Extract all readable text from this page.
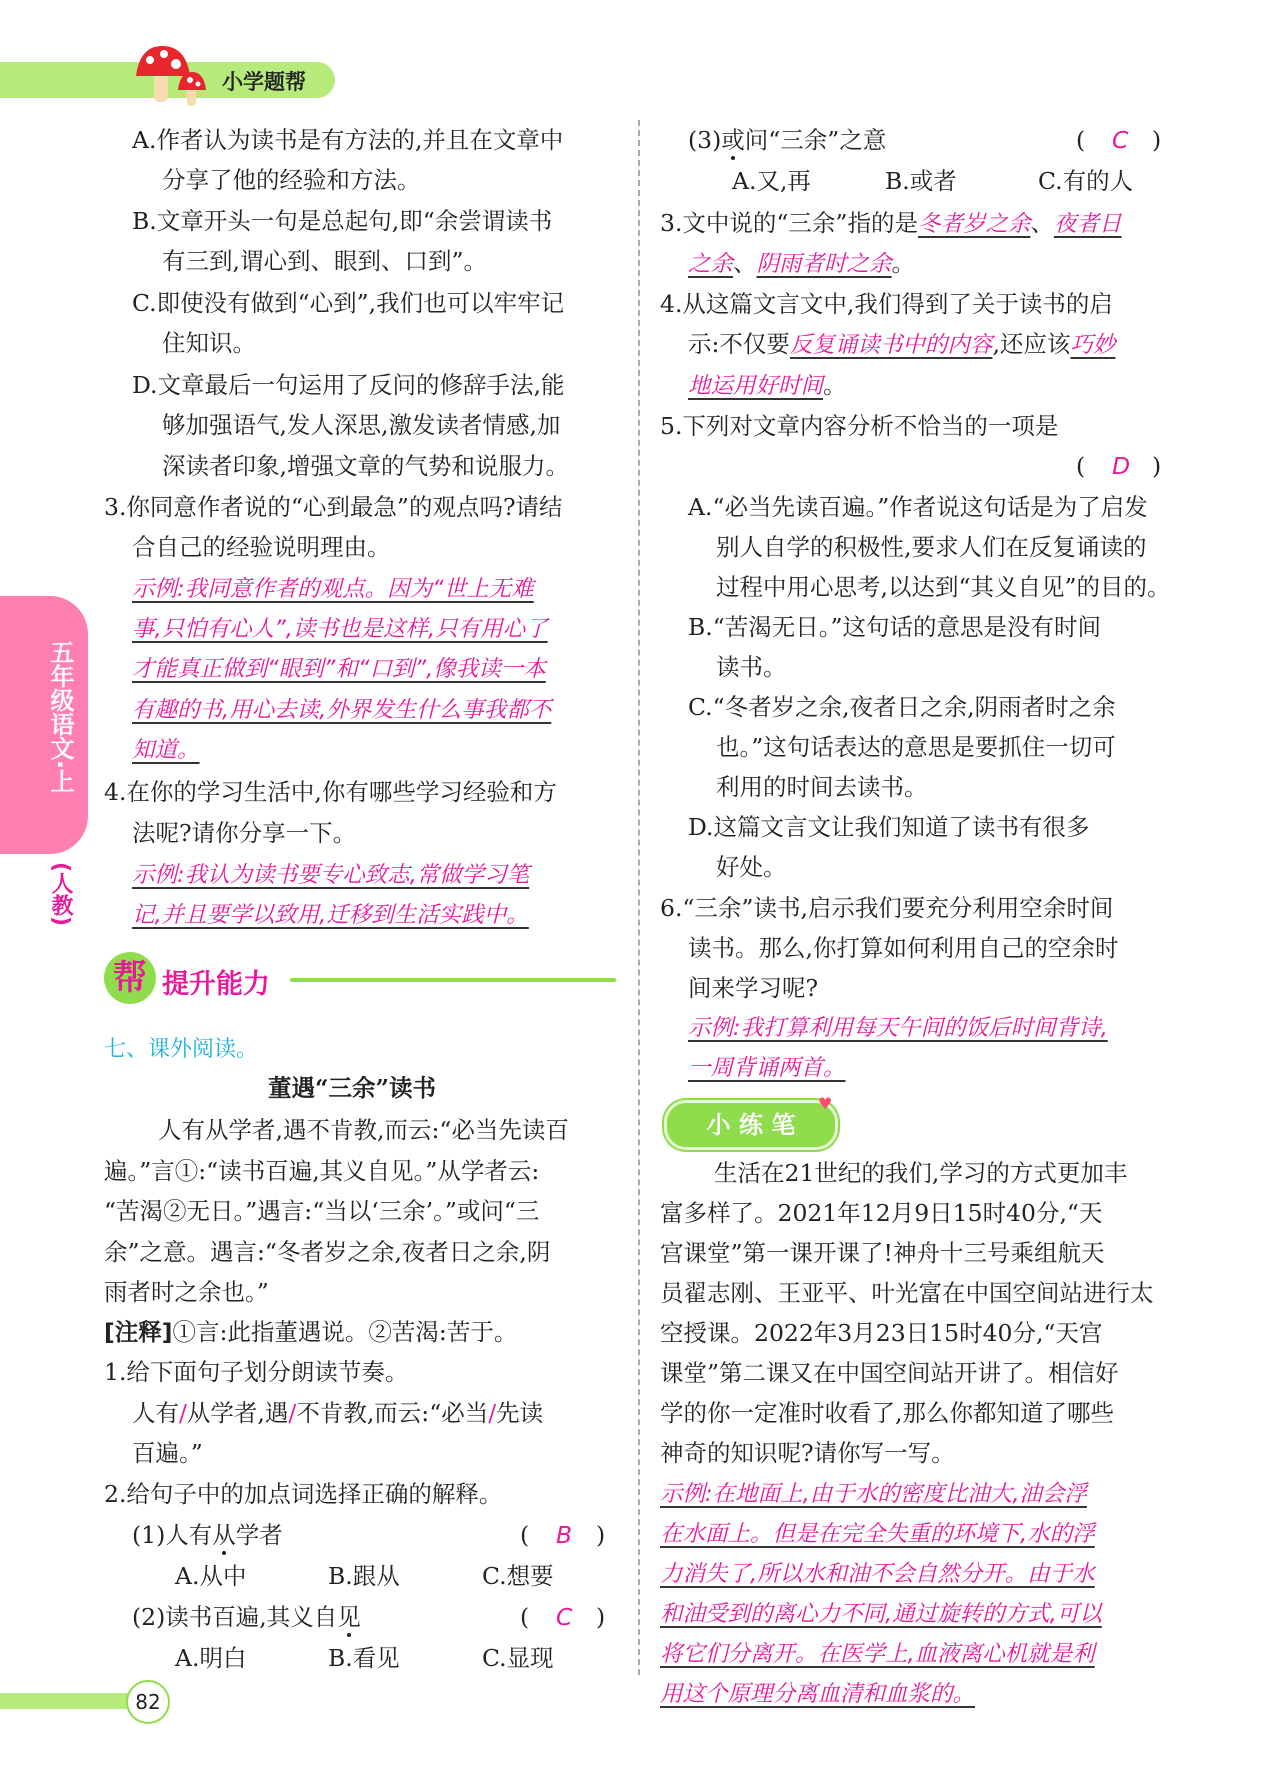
小学题帮
五年级语文·上
(人教)
A.作者认为读书是有方法的,并且在文章中
分享了他的经验和方法。
B.文章开头一句是总起句,即“余尝谓读书
有三到,谓心到、眼到、口到”。
C.即使没有做到“心到”,我们也可以牢牢记
住知识。
D.文章最后一句运用了反问的修辞手法,能
够加强语气,发人深思,激发读者情感,加
深读者印象,增强文章的气势和说服力。
3.你同意作者说的“心到最急”的观点吗?请结
合自己的经验说明理由。
示例:我同意作者的观点。因为“世上无难
事,只怕有心人”,读书也是这样,只有用心了
才能真正做到“眼到”和“口到”,像我读一本
有趣的书,用心去读,外界发生什么事我都不
知道。
4.在你的学习生活中,你有哪些学习经验和方
法呢?请你分享一下。
示例:我认为读书要专心致志,常做学习笔
记,并且要学以致用,迁移到生活实践中。
帮 提升能力
七、课外阅读。
董遇“三余”读书
人有从学者,遇不肯教,而云:“必当先读百
遍。”言①:“读书百遍,其义自见。”从学者云:
“苦渴②无日。”遇言:“当以‘三余’。”或问“三
余”之意。遇言:“冬者岁之余,夜者日之余,阴
雨者时之余也。”
[注释]①言:此指董遇说。②苦渴:苦于。
1.给下面句子划分朗读节奏。
人有/从学者,遇/不肯教,而云:“必当/先读
百遍。”
2.给句子中的加点词选择正确的解释。
(1)人有从学者	( B )
A.从中	B.跟从	C.想要
(2)读书百遍,其义自见	( C )
A.明白	B.看见	C.显现
82
(3)或问“三余”之意	( C )
A.又,再	B.或者	C.有的人
3.文中说的“三余”指的是冬者岁之余、夜者日
之余、阴雨者时之余。
4.从这篇文言文中,我们得到了关于读书的启
示:不仅要反复诵读书中的内容,还应该巧妙
地运用好时间。
5.下列对文章内容分析不恰当的一项是
( D )
A.“必当先读百遍。”作者说这句话是为了启发
别人自学的积极性,要求人们在反复诵读的
过程中用心思考,以达到“其义自见”的目的。
B.“苦渴无日。”这句话的意思是没有时间
读书。
C.“冬者岁之余,夜者日之余,阴雨者时之余
也。”这句话表达的意思是要抓住一切可
利用的时间去读书。
D.这篇文言文让我们知道了读书有很多
好处。
6.“三余”读书,启示我们要充分利用空余时间
读书。那么,你打算如何利用自己的空余时
间来学习呢?
示例:我打算利用每天午间的饭后时间背诗,
一周背诵两首。
小 练 笔
♥
生活在21世纪的我们,学习的方式更加丰
富多样了。2021年12月9日15时40分,“天
宫课堂”第一课开课了!神舟十三号乘组航天
员翟志刚、王亚平、叶光富在中国空间站进行太
空授课。2022年3月23日15时40分,“天宫
课堂”第二课又在中国空间站开讲了。相信好
学的你一定准时收看了,那么你都知道了哪些
神奇的知识呢?请你写一写。
示例:在地面上,由于水的密度比油大,油会浮
在水面上。但是在完全失重的环境下,水的浮
力消失了,所以水和油不会自然分开。由于水
和油受到的离心力不同,通过旋转的方式,可以
将它们分离开。在医学上,血液离心机就是利
用这个原理分离血清和血浆的。
